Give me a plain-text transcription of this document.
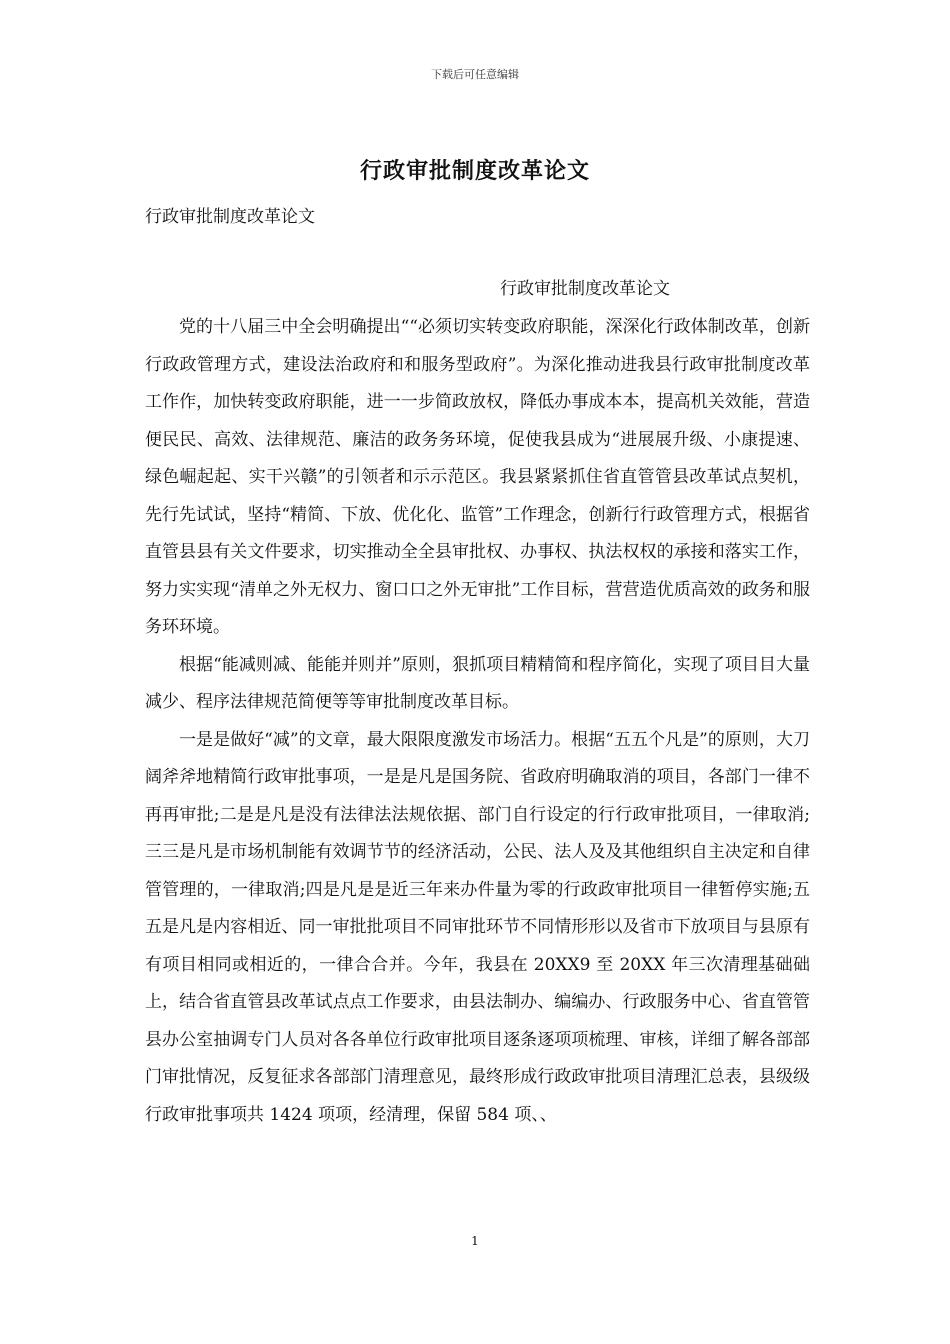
下载后可任意编辑
行政审批制度改革论文
行政审批制度改革论文
行政审批制度改革论文

党的十八届三中全会明确提出““必须切实转变政府职能，深深化行政体制改革，创新行政政管理方式，建设法治政府和和服务型政府”。为深化推动进我县行政审批制度改革工作作，加快转变政府职能，进一一步简政放权，降低办事成本本，提高机关效能，营造便民民、高效、法律规范、廉洁的政务务环境，促使我县成为“进展展升级、小康提速、绿色崛起起、实干兴赣”的引领者和示示范区。我县紧紧抓住省直管管县改革试点契机，先行先试试，坚持“精简、下放、优化化、监管”工作理念，创新行行政管理方式，根据省直管县县有关文件要求，切实推动全全县审批权、办事权、执法权权的承接和落实工作，努力实实现“清单之外无权力、窗口口之外无审批”工作目标，营营造优质高效的政务和服务环环境。

根据“能减则减、能能并则并”原则，狠抓项目精精简和程序简化，实现了项目目大量减少、程序法律规范简便等等审批制度改革目标。

一是是做好“减”的文章，最大限限度激发市场活力。根据“五五个凡是”的原则，大刀阔斧斧地精简行政审批事项，一是是凡是国务院、省政府明确取消的项目，各部门一律不再再审批;二是是凡是没有法律法法规依据、部门自行设定的行行政审批项目，一律取消;三三是凡是市场机制能有效调节节的经济活动，公民、法人及及其他组织自主决定和自律管管理的，一律取消;四是凡是是近三年来办件量为零的行政政审批项目一律暂停实施;五五是凡是内容相近、同一审批批项目不同审批环节不同情形形以及省市下放项目与县原有有项目相同或相近的，一律合合并。今年，我县在 20XX9 至 20XX 年三次清理基础础上，结合省直管县改革试点点工作要求，由县法制办、编编办、行政服务中心、省直管管县办公室抽调专门人员对各各单位行政审批项目逐条逐项项梳理、审核，详细了解各部部门审批情况，反复征求各部部门清理意见，最终形成行政政审批项目清理汇总表，县级级行政审批事项共 1424 项项，经清理，保留 584 项、、

1
